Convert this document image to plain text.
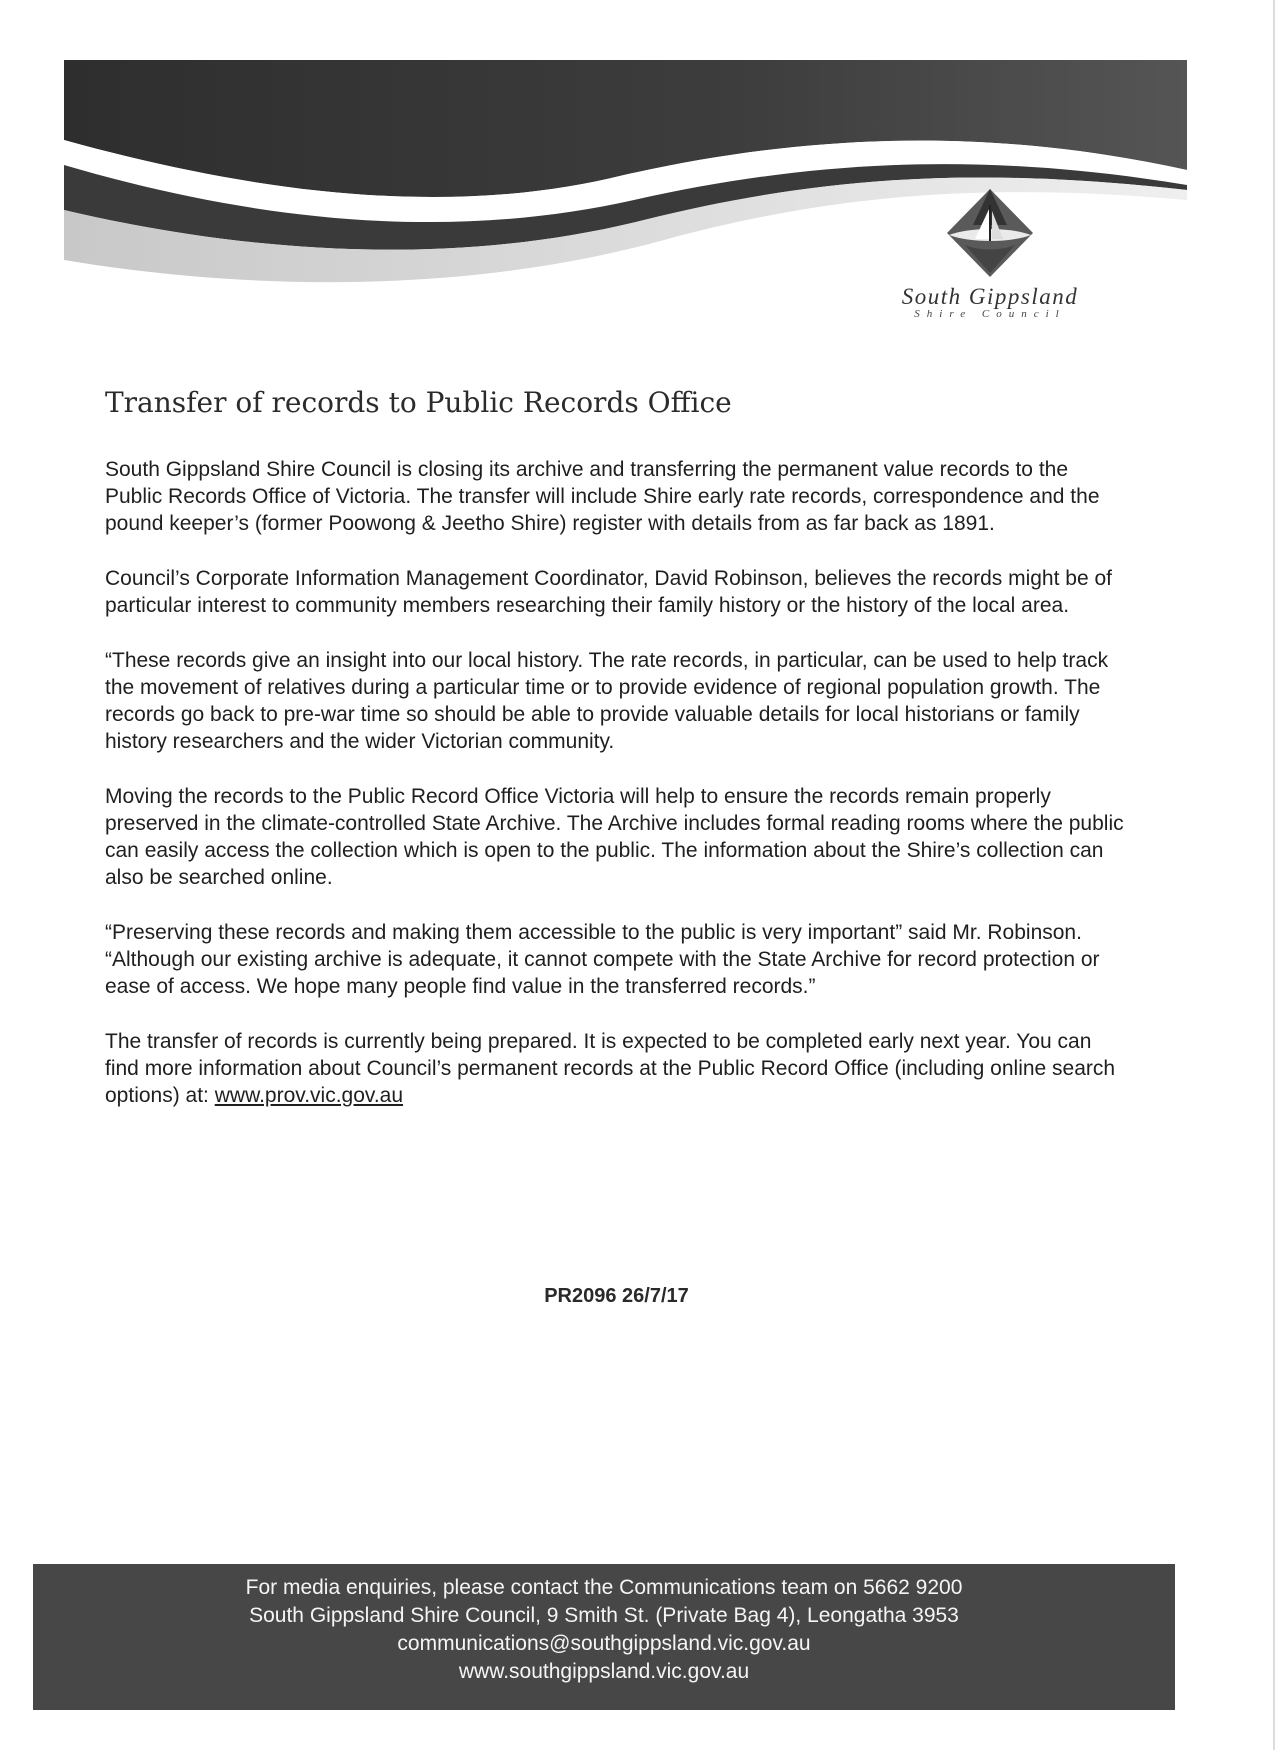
South Gippsland
Shire Council
Transfer of records to Public Records Office

South Gippsland Shire Council is closing its archive and transferring the permanent value records to the Public Records Office of Victoria. The transfer will include Shire early rate records, correspondence and the pound keeper’s (former Poowong & Jeetho Shire) register with details from as far back as 1891.

Council’s Corporate Information Management Coordinator, David Robinson, believes the records might be of particular interest to community members researching their family history or the history of the local area.

“These records give an insight into our local history. The rate records, in particular, can be used to help track the movement of relatives during a particular time or to provide evidence of regional population growth. The records go back to pre-war time so should be able to provide valuable details for local historians or family history researchers and the wider Victorian community.

Moving the records to the Public Record Office Victoria will help to ensure the records remain properly preserved in the climate-controlled State Archive. The Archive includes formal reading rooms where the public can easily access the collection which is open to the public. The information about the Shire’s collection can also be searched online.

“Preserving these records and making them accessible to the public is very important” said Mr. Robinson. “Although our existing archive is adequate, it cannot compete with the State Archive for record protection or ease of access. We hope many people find value in the transferred records.”

The transfer of records is currently being prepared. It is expected to be completed early next year. You can find more information about Council’s permanent records at the Public Record Office (including online search options) at: www.prov.vic.gov.au

PR2096 26/7/17
For media enquiries, please contact the Communications team on 5662 9200
South Gippsland Shire Council, 9 Smith St. (Private Bag 4), Leongatha 3953
communications@southgippsland.vic.gov.au
www.southgippsland.vic.gov.au
